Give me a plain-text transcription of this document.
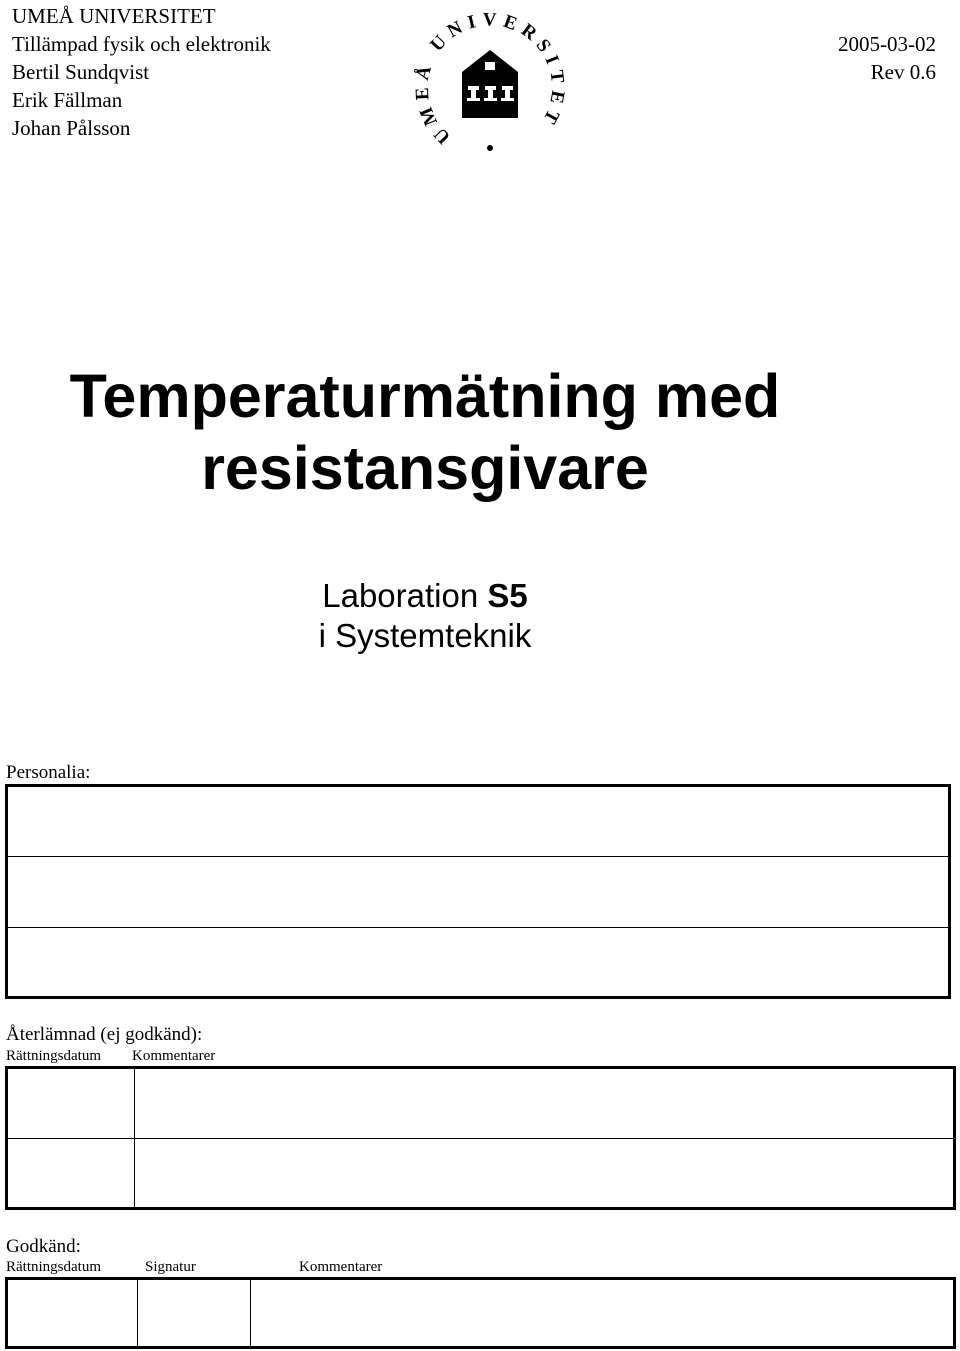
UMEÅ UNIVERSITET
Tillämpad fysik och elektronik
Bertil Sundqvist
Erik Fällman
Johan Pålsson
2005-03-02
Rev 0.6
UMEÅ UNIVERSITET
Temperaturmätning med
resistansgivare
Laboration S5
i Systemteknik
Personalia:
Återlämnad (ej godkänd):
Rättningsdatum Kommentarer
Godkänd:
Rättningsdatum	Signatur	Kommentarer
